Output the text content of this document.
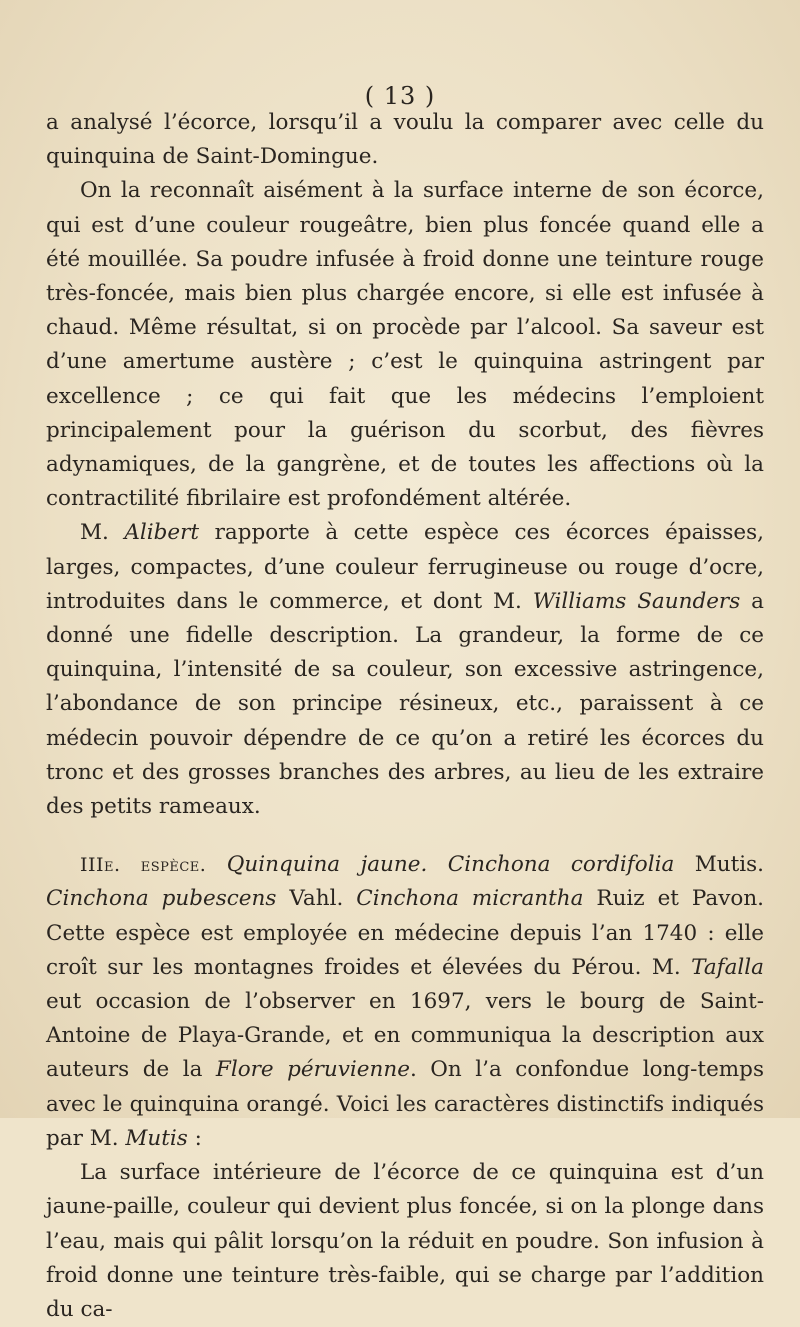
( 13 )

a analysé l’écorce, lorsqu’il a voulu la comparer avec celle du quinquina de Saint-Domingue.

On la reconnaît aisément à la surface interne de son écorce, qui est d’une couleur rougeâtre, bien plus foncée quand elle a été mouillée. Sa poudre infusée à froid donne une teinture rouge très-foncée, mais bien plus chargée encore, si elle est infusée à chaud. Même résultat, si on procède par l’alcool. Sa saveur est d’une amertume austère ; c’est le quinquina astringent par excellence ; ce qui fait que les médecins l’emploient principalement pour la guérison du scorbut, des fièvres adynamiques, de la gangrène, et de toutes les affections où la contractilité fibrilaire est profondément altérée.

M. Alibert rapporte à cette espèce ces écorces épaisses, larges, compactes, d’une couleur ferrugineuse ou rouge d’ocre, introduites dans le commerce, et dont M. Williams Saunders a donné une fidelle description. La grandeur, la forme de ce quinquina, l’intensité de sa couleur, son excessive astringence, l’abondance de son principe résineux, etc., paraissent à ce médecin pouvoir dépendre de ce qu’on a retiré les écorces du tronc et des grosses branches des arbres, au lieu de les extraire des petits rameaux.

IIIe. espèce. Quinquina jaune. Cinchona cordifolia Mutis. Cinchona pubescens Vahl. Cinchona micrantha Ruiz et Pavon. Cette espèce est employée en médecine depuis l’an 1740 : elle croît sur les montagnes froides et élevées du Pérou. M. Tafalla eut occasion de l’observer en 1697, vers le bourg de Saint-Antoine de Playa-Grande, et en communiqua la description aux auteurs de la Flore péruvienne. On l’a confondue long-temps avec le quinquina orangé. Voici les caractères distinctifs indiqués par M. Mutis :

La surface intérieure de l’écorce de ce quinquina est d’un jaune-paille, couleur qui devient plus foncée, si on la plonge dans l’eau, mais qui pâlit lorsqu’on la réduit en poudre. Son infusion à froid donne une teinture très-faible, qui se charge par l’addition du ca-
